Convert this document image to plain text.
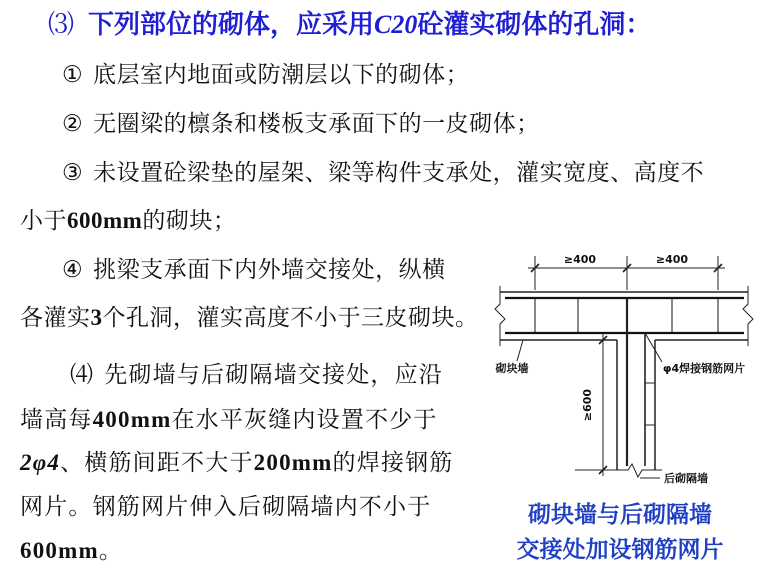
⑶ 下列部位的砌体，应采用C20砼灌实砌体的孔洞：
① 底层室内地面或防潮层以下的砌体；
② 无圈梁的檩条和楼板支承面下的一皮砌体；
③ 未设置砼梁垫的屋架、梁等构件支承处，灌实宽度、高度不
小于600mm的砌块；
④ 挑梁支承面下内外墙交接处，纵横
各灌实3个孔洞，灌实高度不小于三皮砌块。
⑷ 先砌墙与后砌隔墙交接处，应沿
墙高每400mm在水平灰缝内设置不少于
2φ4、横筋间距不大于200mm的焊接钢筋
网片。钢筋网片伸入后砌隔墙内不小于
600mm。
≥400	≥400
≥600
砌块墙	φ4焊接钢筋网片
后砌隔墙
砌块墙与后砌隔墙
交接处加设钢筋网片
